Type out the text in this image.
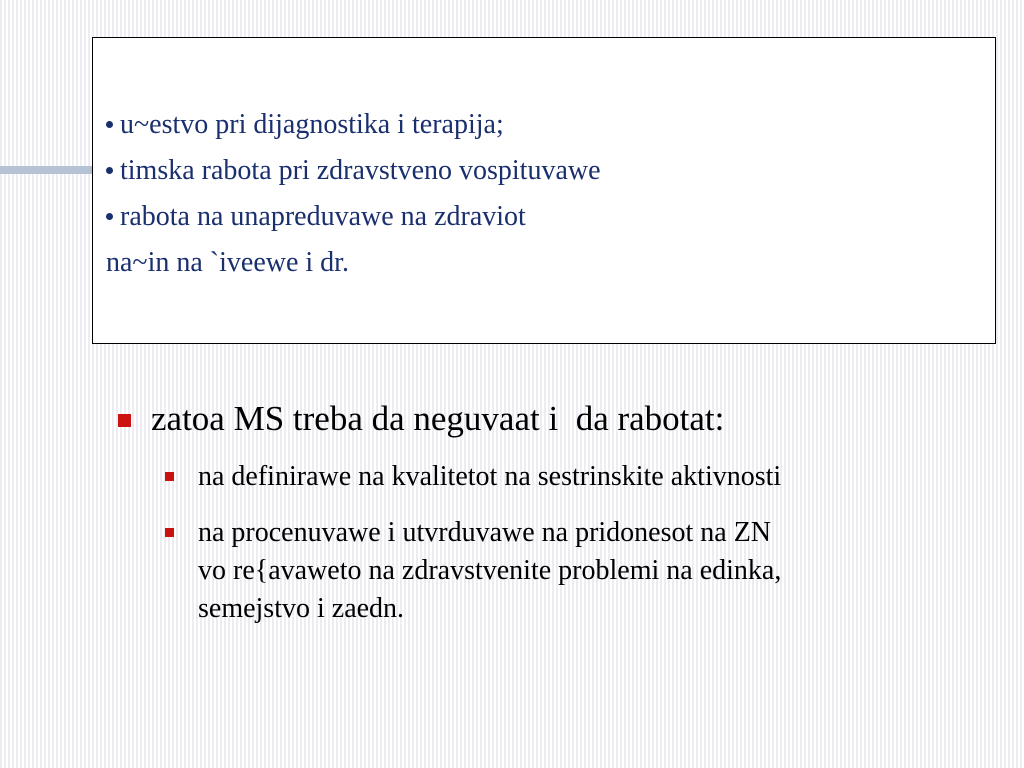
u~estvo pri dijagnostika i terapija;
timska rabota pri zdravstveno vospituvawe
rabota na unapreduvawe na zdraviot
na~in na `iveewe i dr.
zatoa MS treba da neguvaat i  da rabotat:
na definirawe na kvalitetot na sestrinskite aktivnosti
na procenuvawe i utvrduvawe na pridonesot na ZN
vo re{avaweto na zdravstvenite problemi na edinka,
semejstvo i zaedn.
